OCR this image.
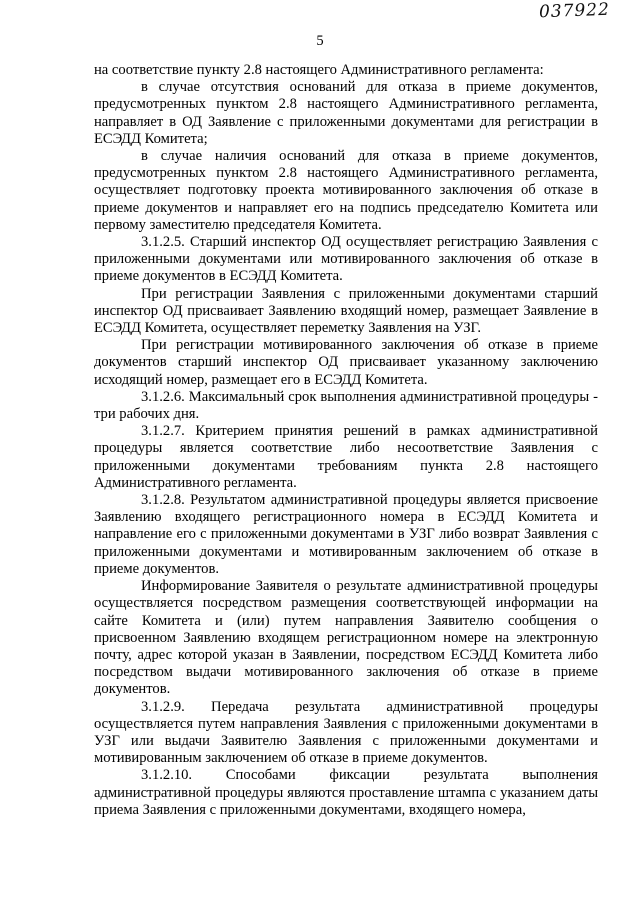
037922
5

на соответствие пункту 2.8 настоящего Административного регламента:

в случае отсутствия оснований для отказа в приеме документов, предусмотренных пунктом 2.8 настоящего Административного регламента, направляет в ОД Заявление с приложенными документами для регистрации в ЕСЭДД Комитета;

в случае наличия оснований для отказа в приеме документов, предусмотренных пунктом 2.8 настоящего Административного регламента, осуществляет подготовку проекта мотивированного заключения об отказе в приеме документов и направляет его на подпись председателю Комитета или первому заместителю председателя Комитета.

3.1.2.5. Старший инспектор ОД осуществляет регистрацию Заявления с приложенными документами или мотивированного заключения об отказе в приеме документов в ЕСЭДД Комитета.

При регистрации Заявления с приложенными документами старший инспектор ОД присваивает Заявлению входящий номер, размещает Заявление в ЕСЭДД Комитета, осуществляет переметку Заявления на УЗГ.

При регистрации мотивированного заключения об отказе в приеме документов старший инспектор ОД присваивает указанному заключению исходящий номер, размещает его в ЕСЭДД Комитета.

3.1.2.6. Максимальный срок выполнения административной процедуры - три рабочих дня.

3.1.2.7. Критерием принятия решений в рамках административной процедуры является соответствие либо несоответствие Заявления с приложенными документами требованиям пункта 2.8 настоящего Административного регламента.

3.1.2.8. Результатом административной процедуры является присвоение Заявлению входящего регистрационного номера в ЕСЭДД Комитета и направление его с приложенными документами в УЗГ либо возврат Заявления с приложенными документами и мотивированным заключением об отказе в приеме документов.

Информирование Заявителя о результате административной процедуры осуществляется посредством размещения соответствующей информации на сайте Комитета и (или) путем направления Заявителю сообщения о присвоенном Заявлению входящем регистрационном номере на электронную почту, адрес которой указан в Заявлении, посредством ЕСЭДД Комитета либо посредством выдачи мотивированного заключения об отказе в приеме документов.

3.1.2.9. Передача результата административной процедуры осуществляется путем направления Заявления с приложенными документами в УЗГ или выдачи Заявителю Заявления с приложенными документами и мотивированным заключением об отказе в приеме документов.

3.1.2.10. Способами фиксации результата выполнения административной процедуры являются проставление штампа с указанием даты приема Заявления с приложенными документами, входящего номера,
